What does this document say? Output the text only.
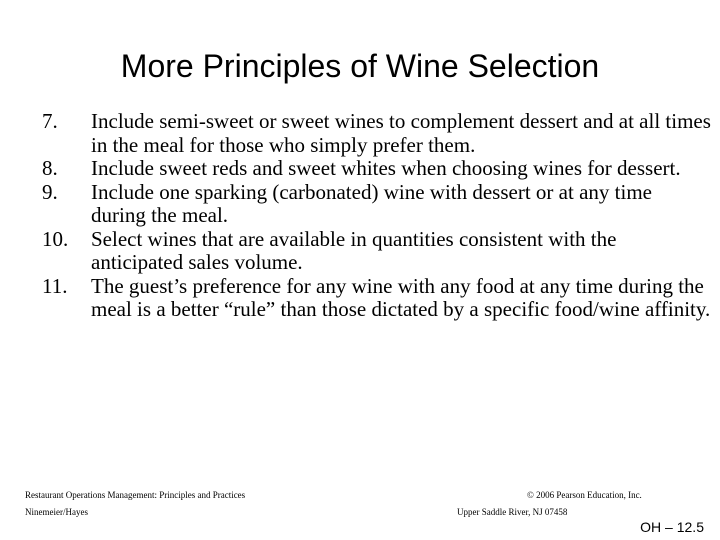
More Principles of Wine Selection
7. Include semi-sweet or sweet wines to complement dessert and at all times in the meal for those who simply prefer them.
8. Include sweet reds and sweet whites when choosing wines for dessert.
9. Include one sparking (carbonated) wine with dessert or at any time during the meal.
10. Select wines that are available in quantities consistent with the anticipated sales volume.
11. The guest’s preference for any wine with any food at any time during the meal is a better “rule” than those dictated by a specific food/wine affinity.
Restaurant Operations Management: Principles and Practices
Ninemeier/Hayes
© 2006 Pearson Education, Inc.
Upper Saddle River, NJ 07458
OH – 12.5
